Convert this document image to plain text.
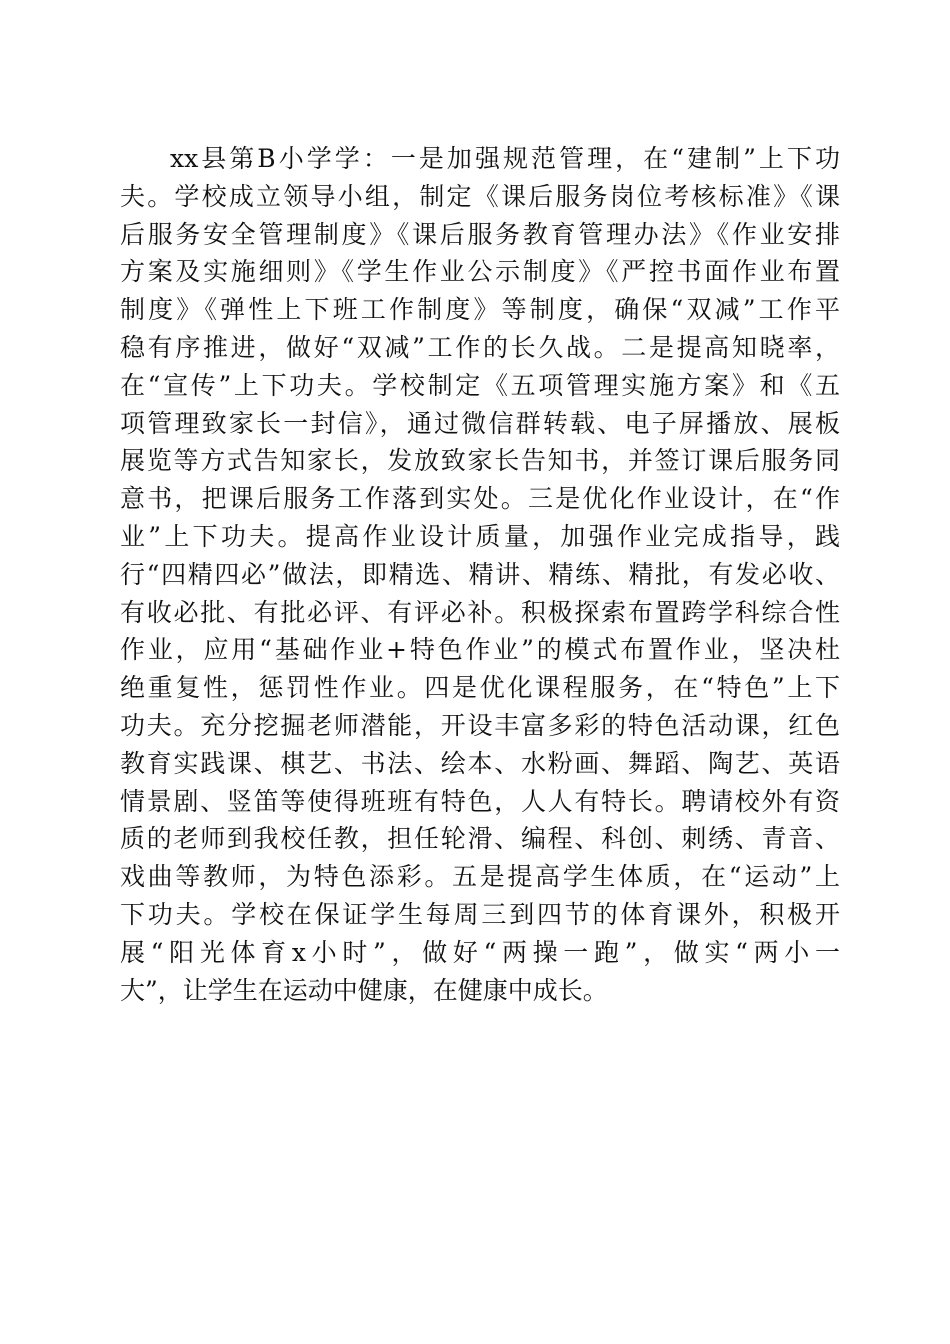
xx县第B小学学：一是加强规范管理，在“建制”上下功
夫。学校成立领导小组，制定《课后服务岗位考核标准》《课
后服务安全管理制度》《课后服务教育管理办法》《作业安排
方案及实施细则》《学生作业公示制度》《严控书面作业布置
制度》《弹性上下班工作制度》等制度，确保“双减”工作平
稳有序推进，做好“双减”工作的长久战。二是提高知晓率，
在“宣传”上下功夫。学校制定《五项管理实施方案》和《五
项管理致家长一封信》，通过微信群转载、电子屏播放、展板
展览等方式告知家长，发放致家长告知书，并签订课后服务同
意书，把课后服务工作落到实处。三是优化作业设计，在“作
业”上下功夫。提高作业设计质量，加强作业完成指导，践
行“四精四必”做法，即精选、精讲、精练、精批，有发必收、
有收必批、有批必评、有评必补。积极探索布置跨学科综合性
作业，应用“基础作业+特色作业”的模式布置作业，坚决杜
绝重复性，惩罚性作业。四是优化课程服务，在“特色”上下
功夫。充分挖掘老师潜能，开设丰富多彩的特色活动课，红色
教育实践课、棋艺、书法、绘本、水粉画、舞蹈、陶艺、英语
情景剧、竖笛等使得班班有特色，人人有特长。聘请校外有资
质的老师到我校任教，担任轮滑、编程、科创、刺绣、青音、
戏曲等教师，为特色添彩。五是提高学生体质，在“运动”上
下功夫。学校在保证学生每周三到四节的体育课外，积极开
展“阳光体育x小时”，做好“两操一跑”，做实“两小一
大”，让学生在运动中健康，在健康中成长。
